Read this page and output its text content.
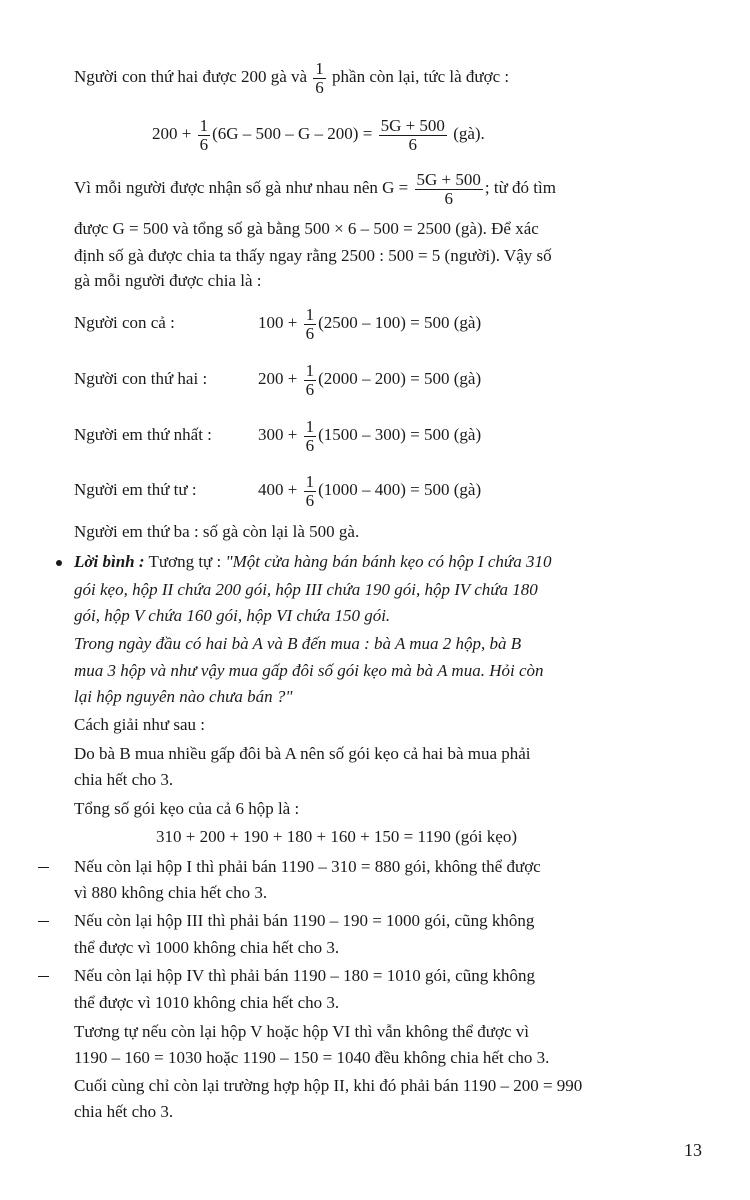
Người con thứ hai được 200 gà và $\frac{1}{6}$ phần còn lại, tức là được :
$200 + \frac{1}{6} (6G - 500 - G - 200) = \frac{5G + 500}{6}$ (gà).
Vì mỗi người được nhận số gà như nhau nên $G = \frac{5G + 500}{6}$ ; từ đó tìm
được G = 500 và tổng số gà bằng 500 × 6 – 500 = 2500 (gà). Để xác
định số gà được chia ta thấy ngay rằng 2500 : 500 = 5 (người). Vậy số
gà mỗi người được chia là :
Người con cả :	$100 + \frac{1}{6} (2500 - 100) = 500$ (gà)
Người con thứ hai :	$200 + \frac{1}{6} (2000 - 200) = 500$ (gà)
Người em thứ nhất :	$300 + \frac{1}{6} (1500 - 300) = 500$ (gà)
Người em thứ tư :	$400 + \frac{1}{6} (1000 - 400) = 500$ (gà)
Người em thứ ba : số gà còn lại là 500 gà.
Lời bình : Tương tự : "Một cửa hàng bán bánh kẹo có hộp I chứa 310
gói kẹo, hộp II chứa 200 gói, hộp III chứa 190 gói, hộp IV chứa 180
gói, hộp V chứa 160 gói, hộp VI chứa 150 gói.
Trong ngày đầu có hai bà A và B đến mua : bà A mua 2 hộp, bà B
mua 3 hộp và như vậy mua gấp đôi số gói kẹo mà bà A mua. Hỏi còn
lại hộp nguyên nào chưa bán ?"
Cách giải như sau :
Do bà B mua nhiều gấp đôi bà A nên số gói kẹo cả hai bà mua phải
chia hết cho 3.
Tổng số gói kẹo của cả 6 hộp là :
310 + 200 + 190 + 180 + 160 + 150 = 1190 (gói kẹo)
Nếu còn lại hộp I thì phải bán 1190 – 310 = 880 gói, không thể được
vì 880 không chia hết cho 3.
Nếu còn lại hộp III thì phải bán 1190 – 190 = 1000 gói, cũng không
thể được vì 1000 không chia hết cho 3.
Nếu còn lại hộp IV thì phải bán 1190 – 180 = 1010 gói, cũng không
thể được vì 1010 không chia hết cho 3.
Tương tự nếu còn lại hộp V hoặc hộp VI thì vẫn không thể được vì
1190 – 160 = 1030 hoặc 1190 – 150 = 1040 đều không chia hết cho 3.
Cuối cùng chỉ còn lại trường hợp hộp II, khi đó phải bán 1190 – 200 = 990
chia hết cho 3.
13
